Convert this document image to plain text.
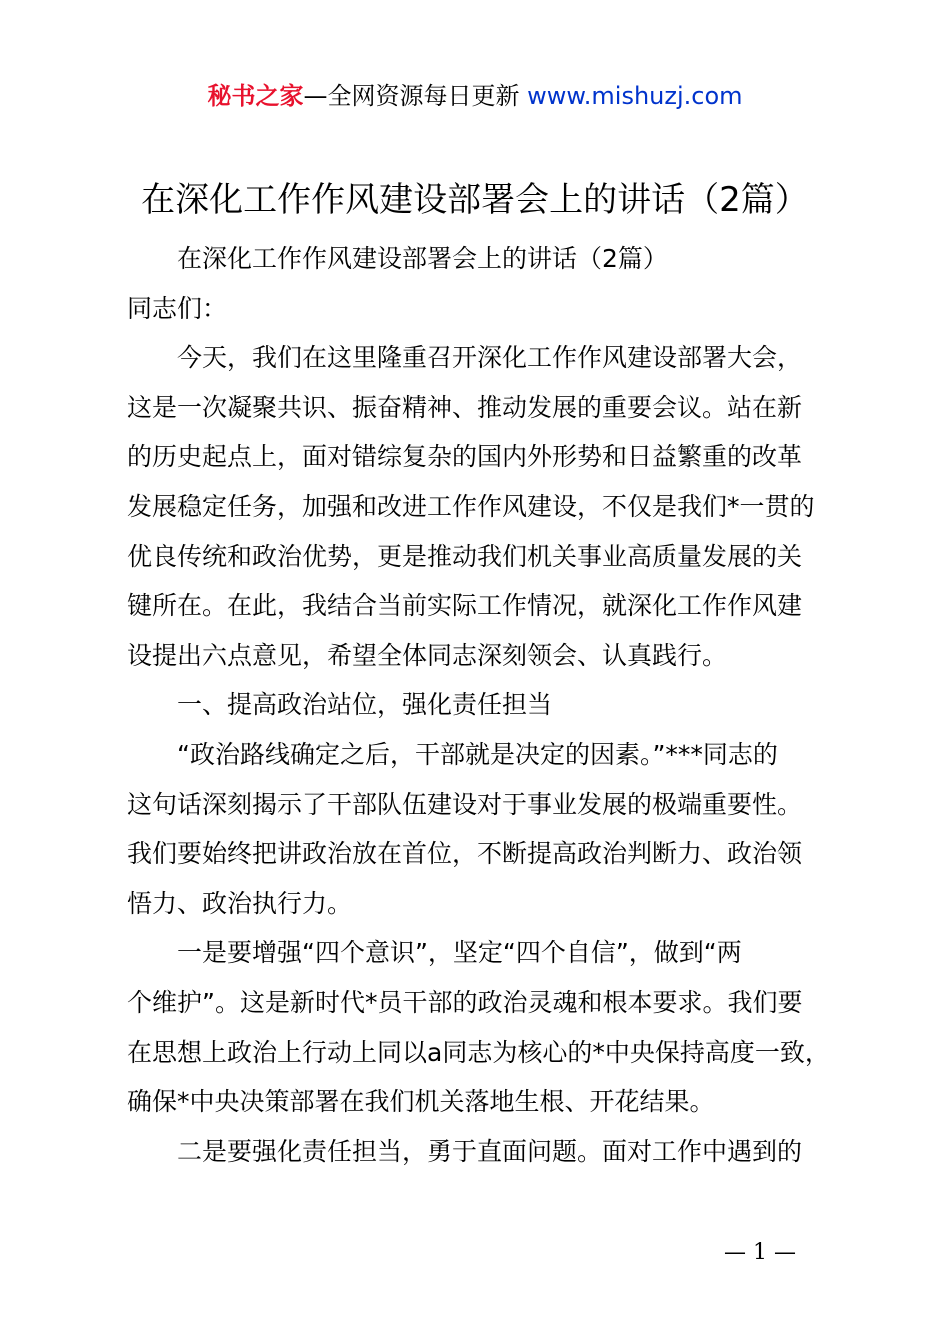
秘书之家—全网资源每日更新 www.mishuzj.com
在深化工作作风建设部署会上的讲话（2篇）
在深化工作作风建设部署会上的讲话（2篇）
同志们：
今天，我们在这里隆重召开深化工作作风建设部署大会，
这是一次凝聚共识、振奋精神、推动发展的重要会议。站在新
的历史起点上，面对错综复杂的国内外形势和日益繁重的改革
发展稳定任务，加强和改进工作作风建设，不仅是我们*一贯的
优良传统和政治优势，更是推动我们机关事业高质量发展的关
键所在。在此，我结合当前实际工作情况，就深化工作作风建
设提出六点意见，希望全体同志深刻领会、认真践行。
一、提高政治站位，强化责任担当
“政治路线确定之后，干部就是决定的因素。”***同志的
这句话深刻揭示了干部队伍建设对于事业发展的极端重要性。
我们要始终把讲政治放在首位，不断提高政治判断力、政治领
悟力、政治执行力。
一是要增强“四个意识”，坚定“四个自信”，做到“两
个维护”。这是新时代*员干部的政治灵魂和根本要求。我们要
在思想上政治上行动上同以a同志为核心的*中央保持高度一致，
确保*中央决策部署在我们机关落地生根、开花结果。
二是要强化责任担当，勇于直面问题。面对工作中遇到的
— 1 —
